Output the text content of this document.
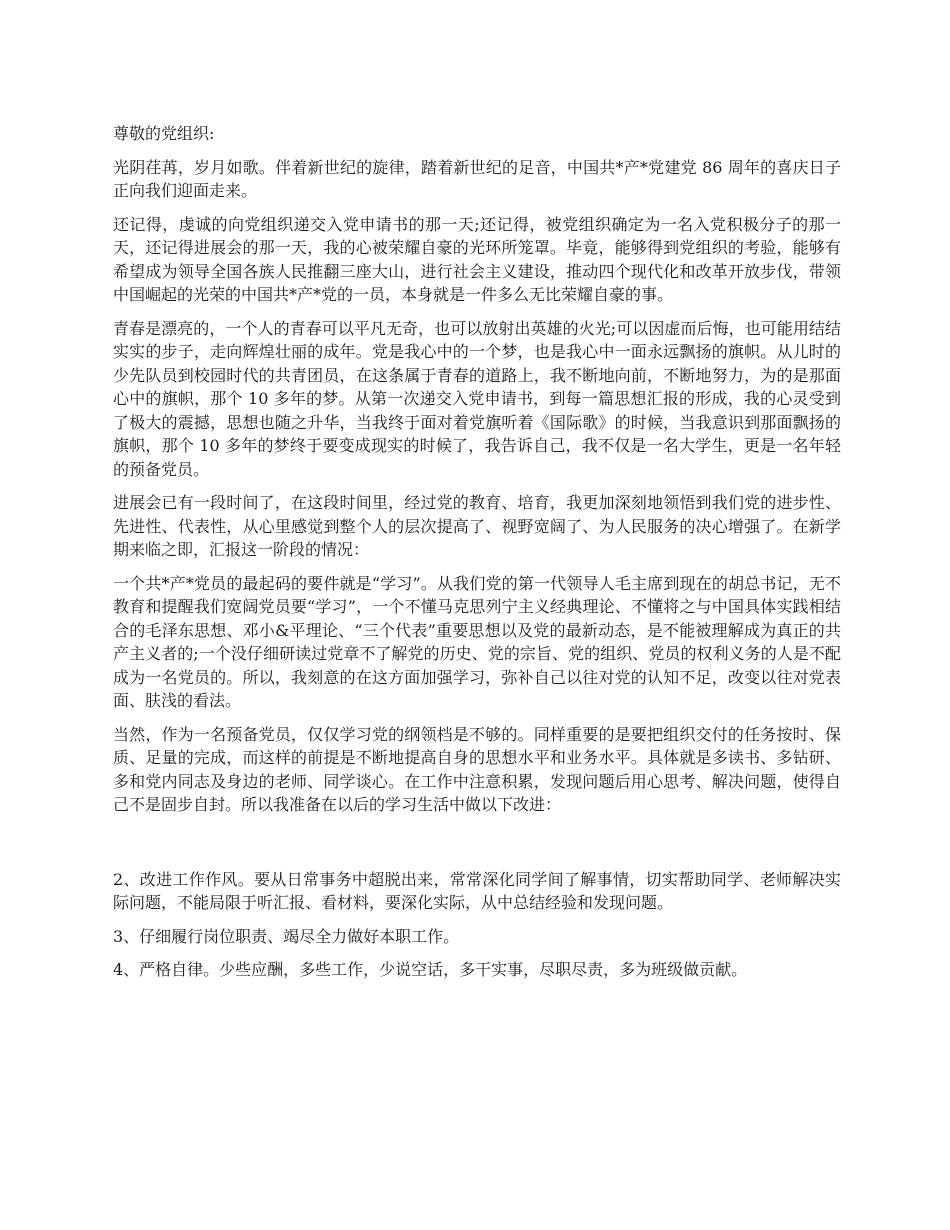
尊敬的党组织:

光阴荏苒，岁月如歌。伴着新世纪的旋律，踏着新世纪的足音，中国共*产*党建党 86 周年的喜庆日子正向我们迎面走来。

还记得，虔诚的向党组织递交入党申请书的那一天;还记得，被党组织确定为一名入党积极分子的那一天，还记得进展会的那一天，我的心被荣耀自豪的光环所笼罩。毕竟，能够得到党组织的考验，能够有希望成为领导全国各族人民推翻三座大山，进行社会主义建设，推动四个现代化和改革开放步伐，带领中国崛起的光荣的中国共*产*党的一员，本身就是一件多么无比荣耀自豪的事。

青春是漂亮的，一个人的青春可以平凡无奇，也可以放射出英雄的火光;可以因虚而后悔，也可能用结结实实的步子，走向辉煌壮丽的成年。党是我心中的一个梦，也是我心中一面永远飘扬的旗帜。从儿时的少先队员到校园时代的共青团员，在这条属于青春的道路上，我不断地向前，不断地努力，为的是那面心中的旗帜，那个 10 多年的梦。从第一次递交入党申请书，到每一篇思想汇报的形成，我的心灵受到了极大的震撼，思想也随之升华，当我终于面对着党旗听着《国际歌》的时候，当我意识到那面飘扬的旗帜，那个 10 多年的梦终于要变成现实的时候了，我告诉自己，我不仅是一名大学生，更是一名年轻的预备党员。

进展会已有一段时间了，在这段时间里，经过党的教育、培育，我更加深刻地领悟到我们党的进步性、先进性、代表性，从心里感觉到整个人的层次提高了、视野宽阔了、为人民服务的决心增强了。在新学期来临之即，汇报这一阶段的情况：

一个共*产*党员的最起码的要件就是“学习”。从我们党的第一代领导人毛主席到现在的胡总书记，无不教育和提醒我们宽阔党员要“学习”，一个不懂马克思列宁主义经典理论、不懂将之与中国具体实践相结合的毛泽东思想、邓小&平理论、“三个代表”重要思想以及党的最新动态，是不能被理解成为真正的共产主义者的;一个没仔细研读过党章不了解党的历史、党的宗旨、党的组织、党员的权利义务的人是不配成为一名党员的。所以，我刻意的在这方面加强学习，弥补自己以往对党的认知不足，改变以往对党表面、肤浅的看法。

当然，作为一名预备党员，仅仅学习党的纲领档是不够的。同样重要的是要把组织交付的任务按时、保质、足量的完成，而这样的前提是不断地提高自身的思想水平和业务水平。具体就是多读书、多钻研、多和党内同志及身边的老师、同学谈心。在工作中注意积累，发现问题后用心思考、解决问题，使得自己不是固步自封。所以我准备在以后的学习生活中做以下改进：

2、改进工作作风。要从日常事务中超脱出来，常常深化同学间了解事情，切实帮助同学、老师解决实际问题，不能局限于听汇报、看材料，要深化实际，从中总结经验和发现问题。

3、仔细履行岗位职责、竭尽全力做好本职工作。

4、严格自律。少些应酬，多些工作，少说空话，多干实事，尽职尽责，多为班级做贡献。
